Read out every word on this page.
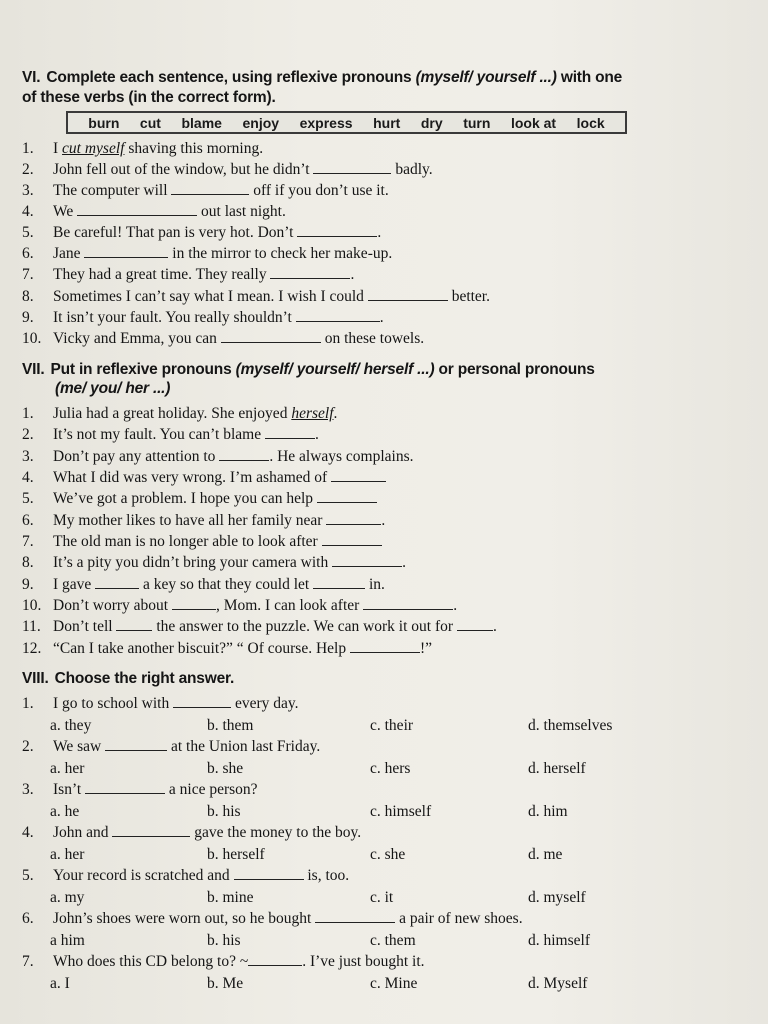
VI. Complete each sentence, using reflexive pronouns (myself/ yourself ...) with one
of these verbs (in the correct form).
burn cut blame enjoy express hurt dry turn look at lock
1. I cut myself shaving this morning.
2. John fell out of the window, but he didn’t	badly.
3. The computer will	off if you don’t use it.
4. We	out last night.
5. Be careful! That pan is very hot. Don’t	.
6. Jane	in the mirror to check her make-up.
7. They had a great time. They really	.
8. Sometimes I can’t say what I mean. I wish I could	better.
9. It isn’t your fault. You really shouldn’t	.
10. Vicky and Emma, you can	on these towels.
VII. Put in reflexive pronouns (myself/ yourself/ herself ...) or personal pronouns
(me/ you/ her ...)
1. Julia had a great holiday. She enjoyed herself.
2. It’s not my fault. You can’t blame	.
3. Don’t pay any attention to	. He always complains.
4. What I did was very wrong. I’m ashamed of
5. We’ve got a problem. I hope you can help
6. My mother likes to have all her family near	.
7. The old man is no longer able to look after
8. It’s a pity you didn’t bring your camera with	.
9. I gave	a key so that they could let	in.
10. Don’t worry about	, Mom. I can look after	.
11. Don’t tell  the answer to the puzzle. We can work it out for .
12. “Can I take another biscuit?” “ Of course. Help	!”
VIII. Choose the right answer.
1. I go to school with	every day.
a. they	b. them	c. their	d. themselves
2. We saw	at the Union last Friday.
a. her	b. she	c. hers	d. herself
3. Isn’t	a nice person?
a. he	b. his	c. himself	d. him
4. John and	gave the money to the boy.
a. her	b. herself	c. she	d. me
5. Your record is scratched and	is, too.
a. my	b. mine	c. it	d. myself
6. John’s shoes were worn out, so he bought	a pair of new shoes.
a him	b. his	c. them	d. himself
7. Who does this CD belong to? ~	. I’ve just bought it.
a. I	b. Me	c. Mine	d. Myself
